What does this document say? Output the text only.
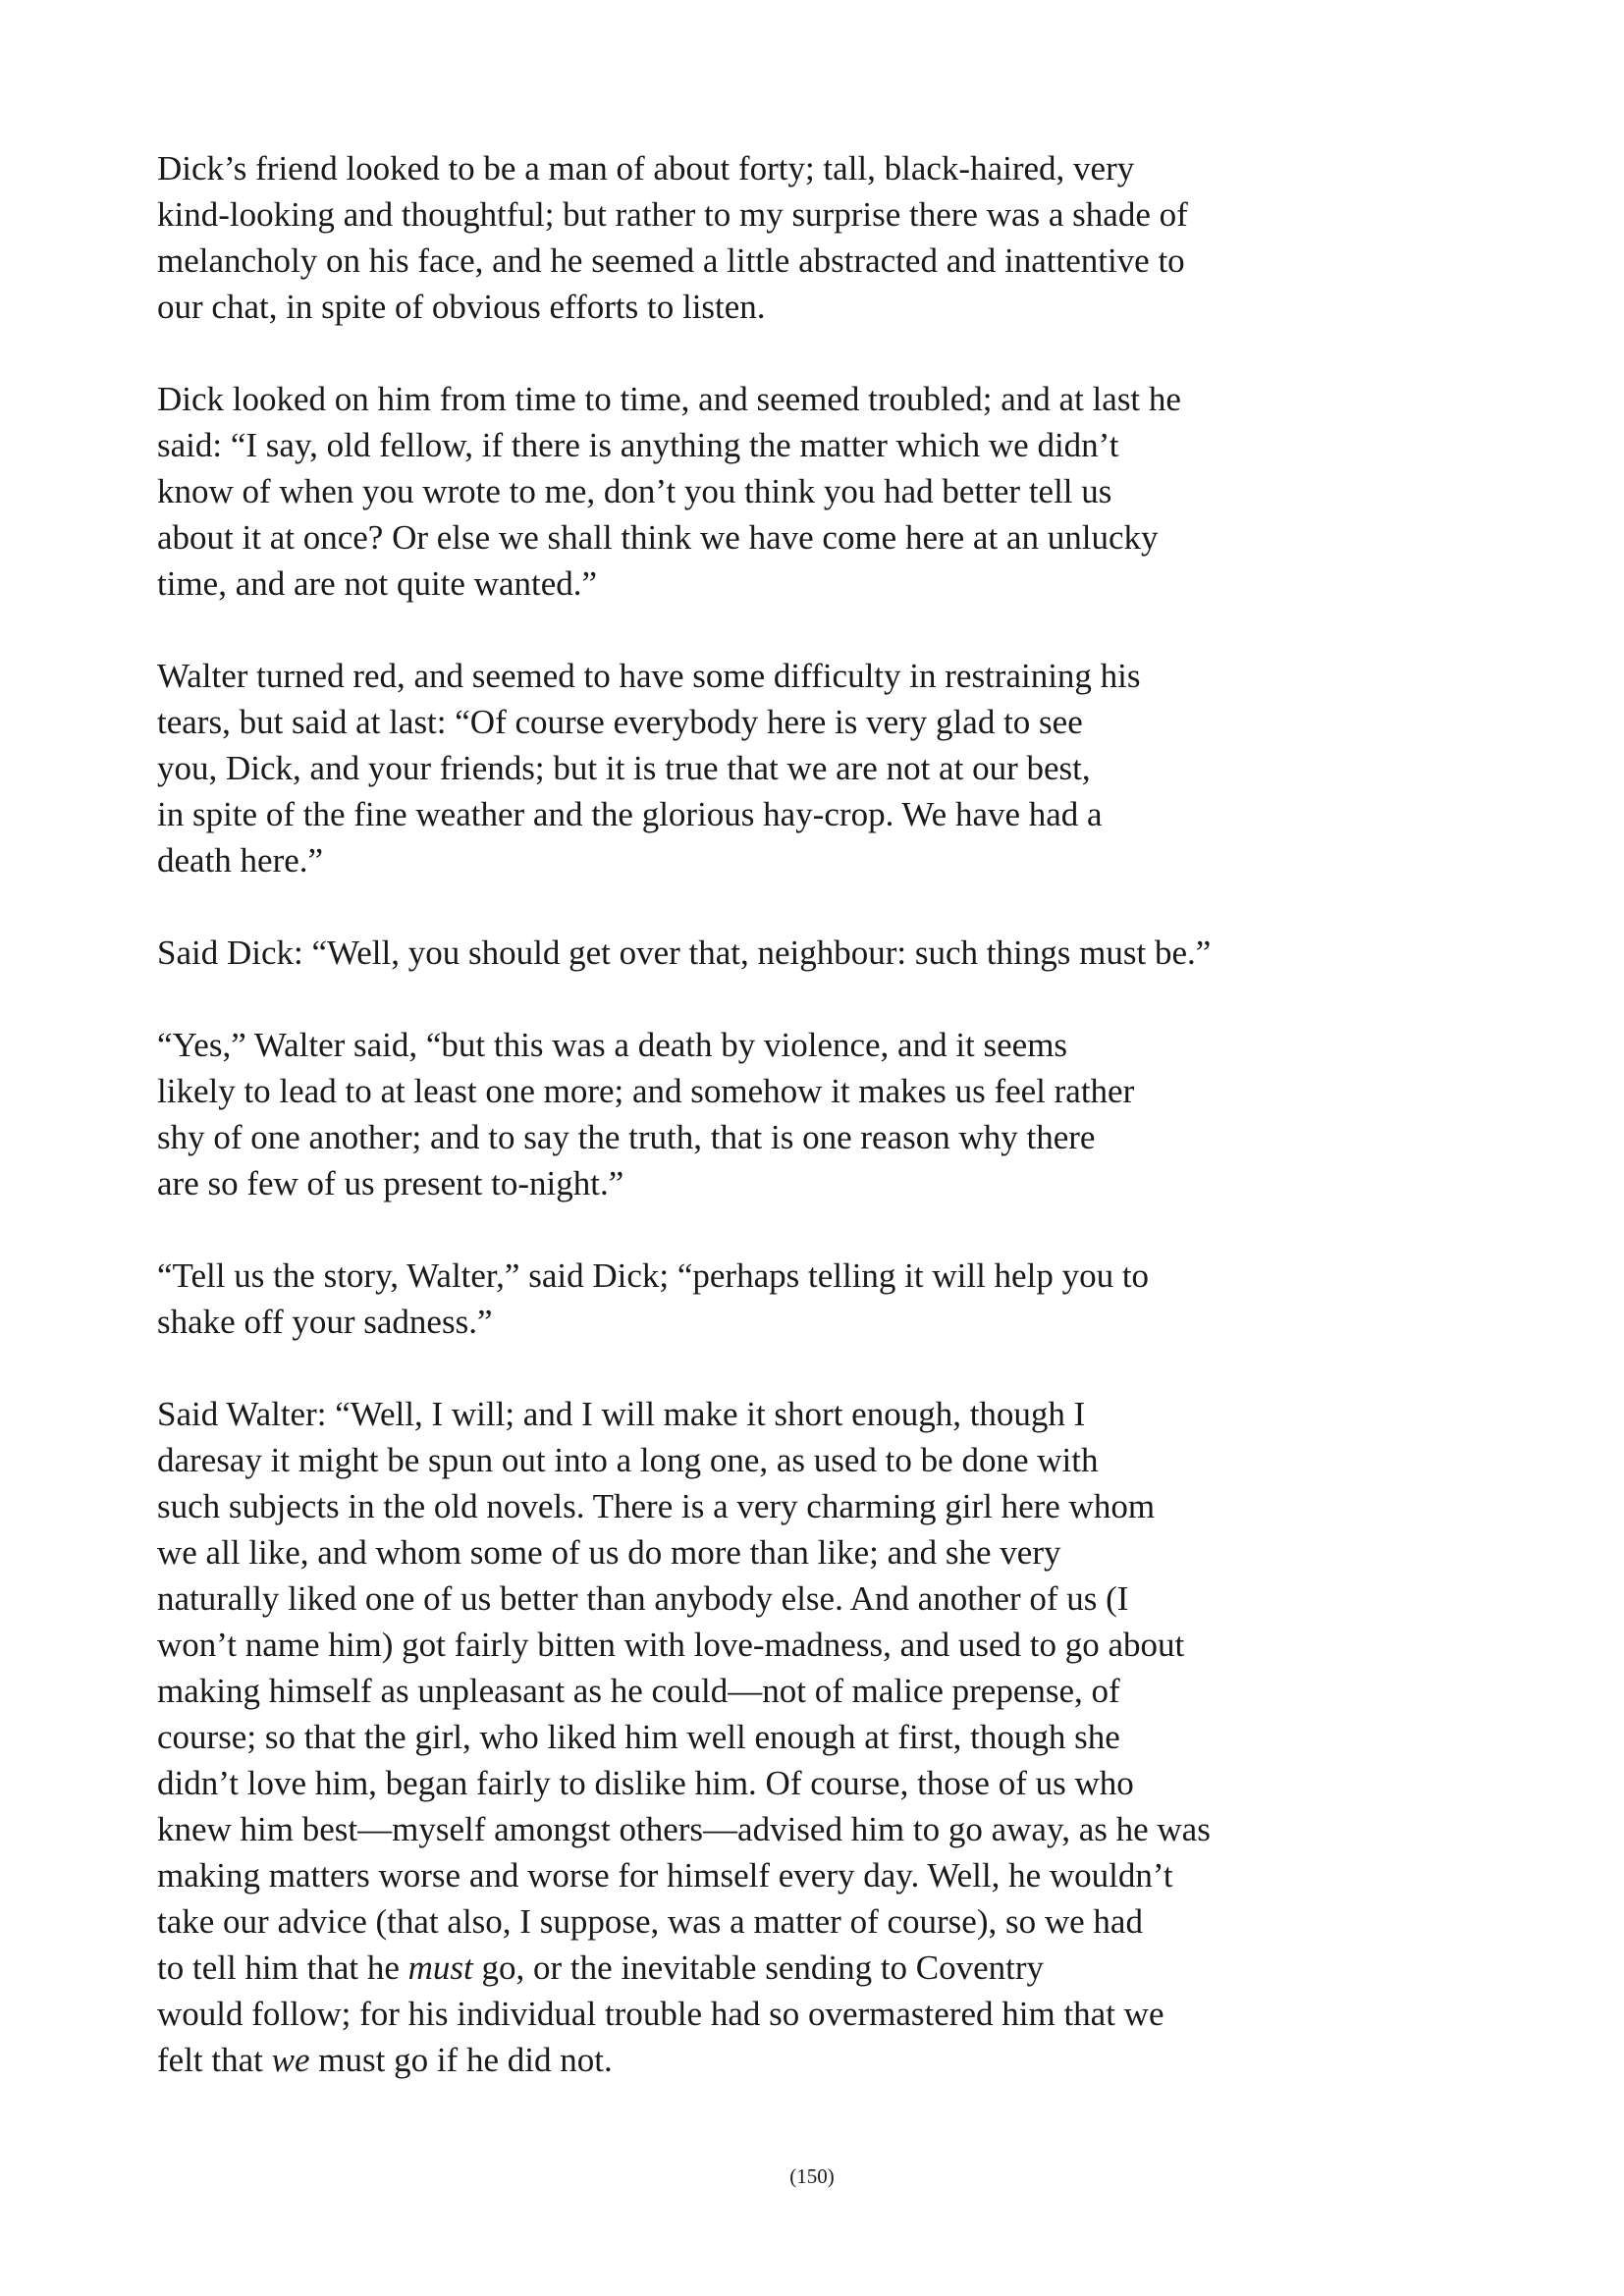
Dick’s friend looked to be a man of about forty; tall, black-haired, very
kind-looking and thoughtful; but rather to my surprise there was a shade of
melancholy on his face, and he seemed a little abstracted and inattentive to
our chat, in spite of obvious efforts to listen.

Dick looked on him from time to time, and seemed troubled; and at last he
said: “I say, old fellow, if there is anything the matter which we didn’t
know of when you wrote to me, don’t you think you had better tell us
about it at once? Or else we shall think we have come here at an unlucky
time, and are not quite wanted.”

Walter turned red, and seemed to have some difficulty in restraining his
tears, but said at last: “Of course everybody here is very glad to see
you, Dick, and your friends; but it is true that we are not at our best,
in spite of the fine weather and the glorious hay-crop. We have had a
death here.”

Said Dick: “Well, you should get over that, neighbour: such things must be.”

“Yes,” Walter said, “but this was a death by violence, and it seems
likely to lead to at least one more; and somehow it makes us feel rather
shy of one another; and to say the truth, that is one reason why there
are so few of us present to-night.”

“Tell us the story, Walter,” said Dick; “perhaps telling it will help you to
shake off your sadness.”

Said Walter: “Well, I will; and I will make it short enough, though I
daresay it might be spun out into a long one, as used to be done with
such subjects in the old novels. There is a very charming girl here whom
we all like, and whom some of us do more than like; and she very
naturally liked one of us better than anybody else. And another of us (I
won’t name him) got fairly bitten with love-madness, and used to go about
making himself as unpleasant as he could—not of malice prepense, of
course; so that the girl, who liked him well enough at first, though she
didn’t love him, began fairly to dislike him. Of course, those of us who
knew him best—myself amongst others—advised him to go away, as he was
making matters worse and worse for himself every day. Well, he wouldn’t
take our advice (that also, I suppose, was a matter of course), so we had
to tell him that he must go, or the inevitable sending to Coventry
would follow; for his individual trouble had so overmastered him that we
felt that we must go if he did not.

(150)
